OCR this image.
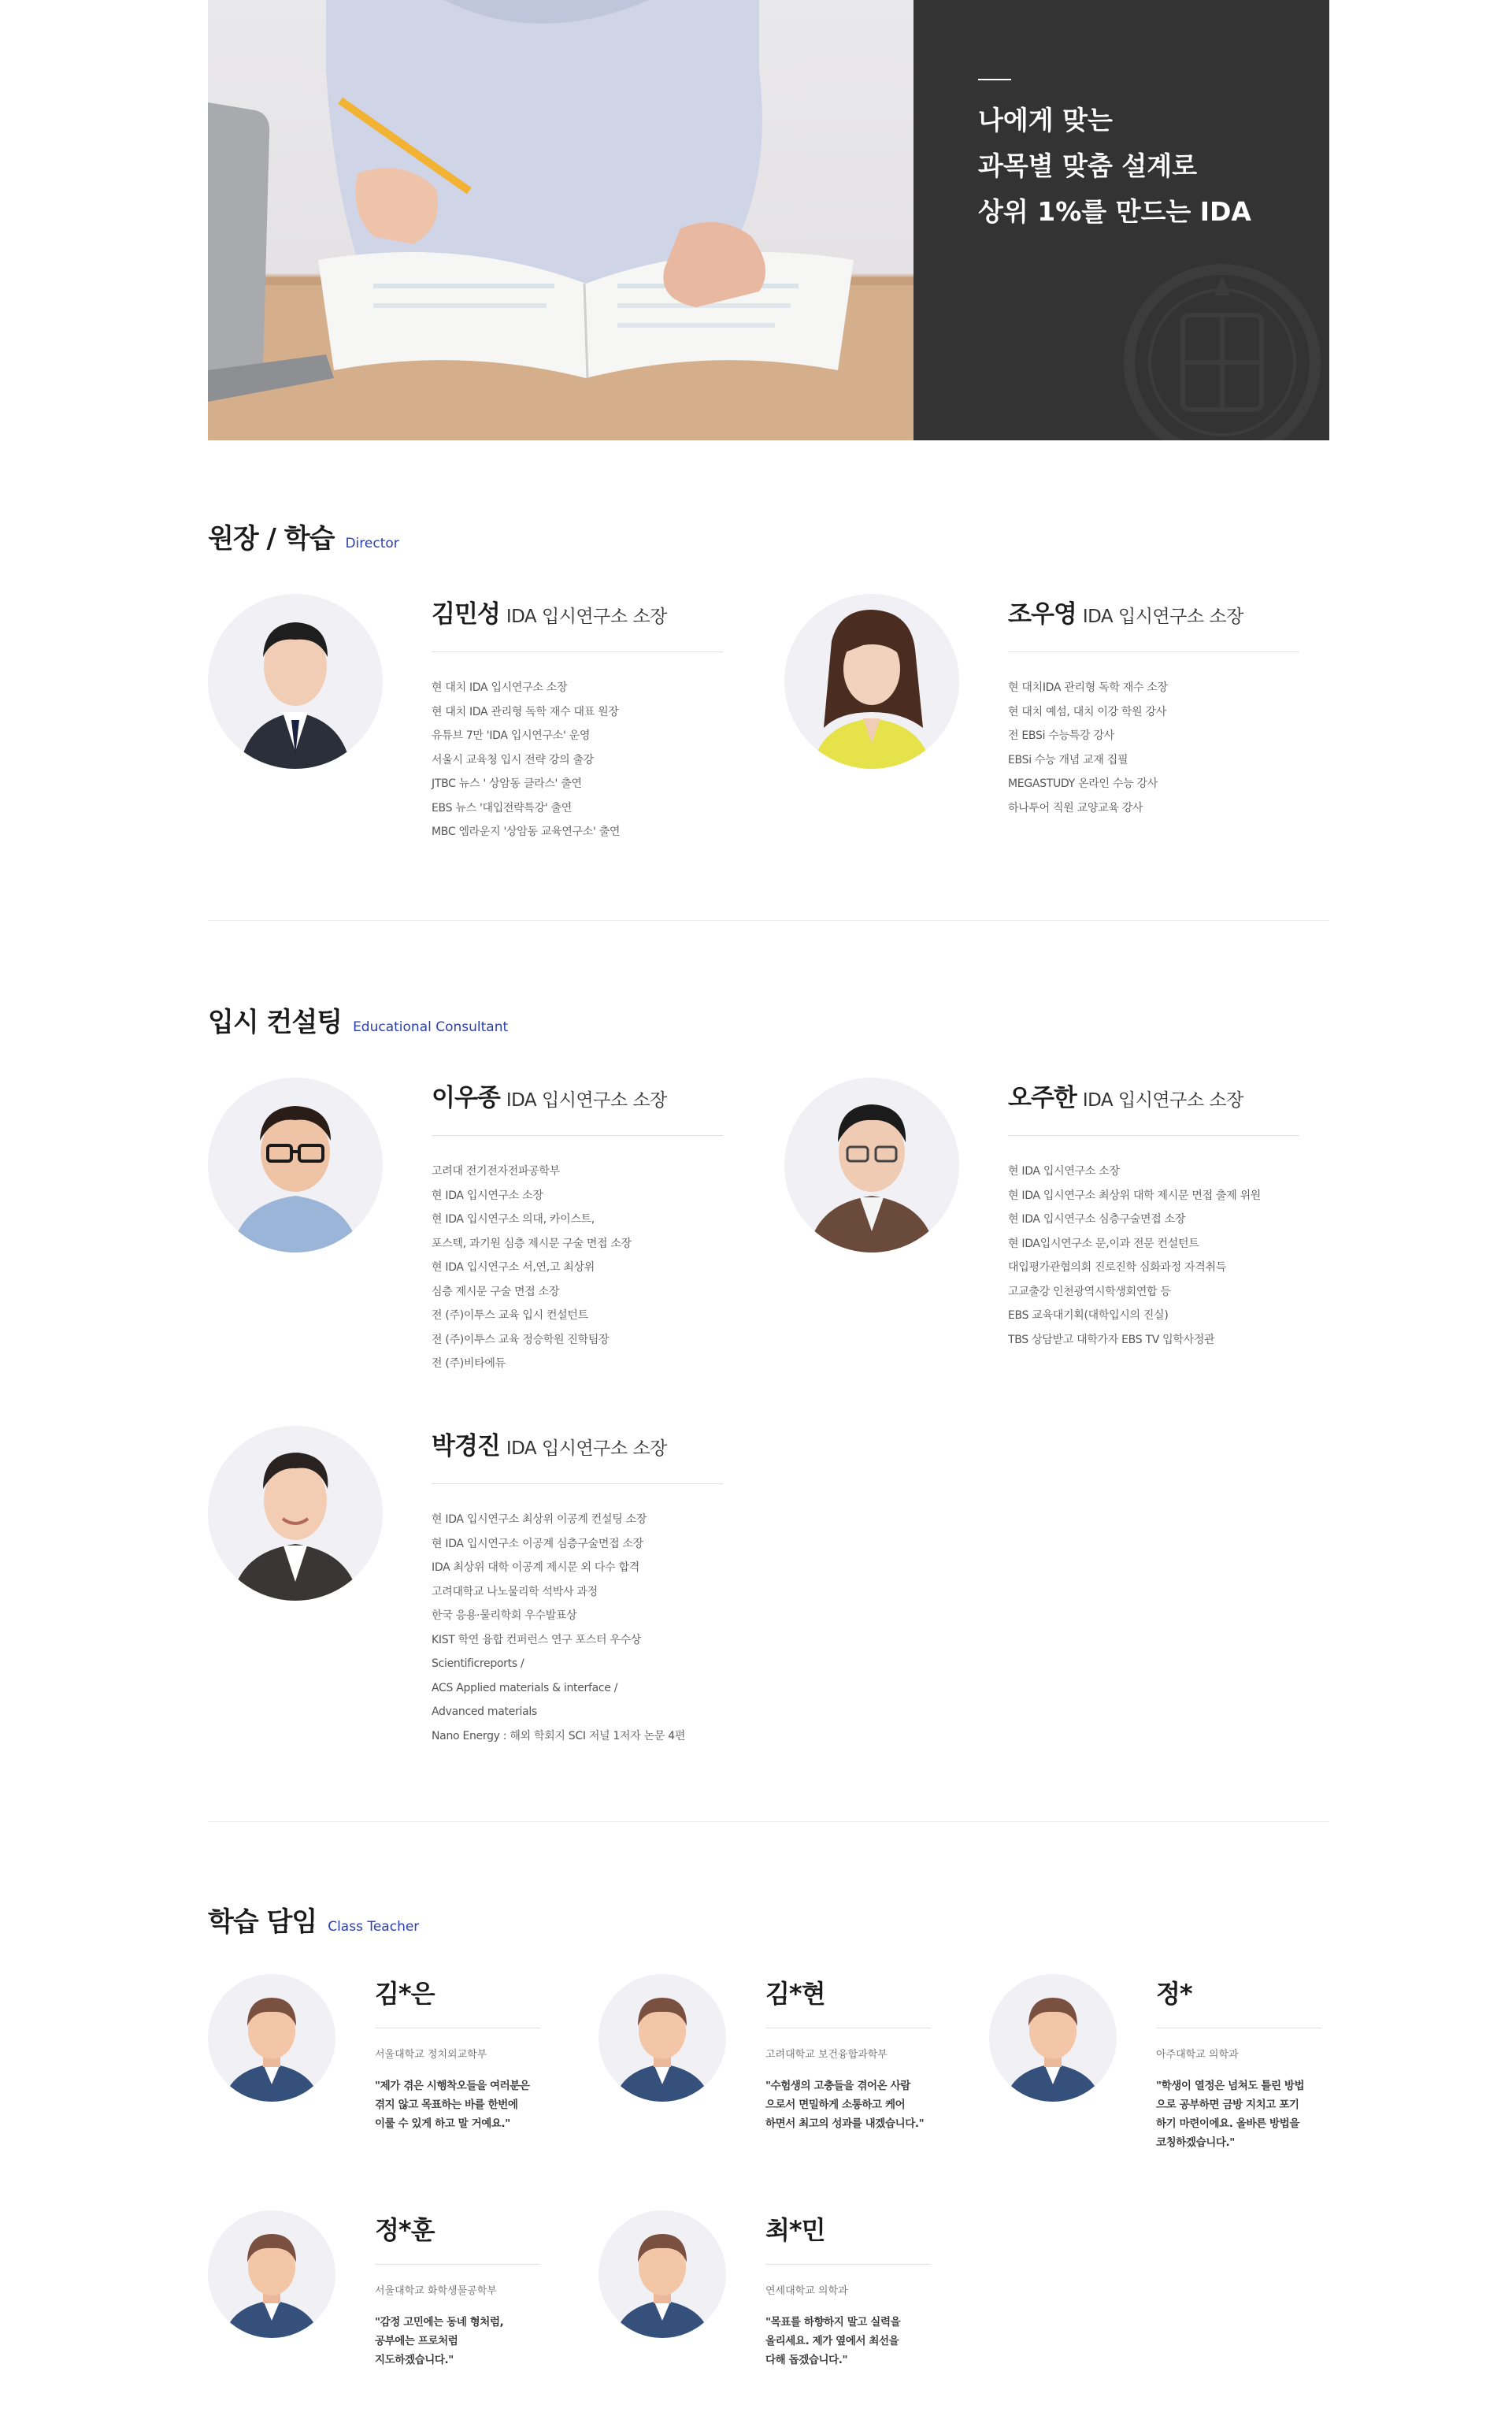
나에게 맞는
과목별 맞춤 설계로
상위 1%를 만드는 IDA
원장 / 학습 Director
김민성 IDA 입시연구소 소장
현 대치 IDA 입시연구소 소장
현 대치 IDA 관리형 독학 재수 대표 원장
유튜브 7만 'IDA 입시연구소' 운영
서울시 교육청 입시 전략 강의 출강
JTBC 뉴스 ' 상암동 클라스' 출연
EBS 뉴스 '대입전략특강' 출연
MBC 엠라운지 '상암동 교육연구소' 출연
조우영 IDA 입시연구소 소장
현 대치IDA 관리형 독학 재수 소장
현 대치 예섬, 대치 이강 학원 강사
전 EBSi 수능특강 강사
EBSi 수능 개념 교재 집필
MEGASTUDY 온라인 수능 강사
하나투어 직원 교양교육 강사
입시 컨설팅 Educational Consultant
이우종 IDA 입시연구소 소장
고려대 전기전자전파공학부
현 IDA 입시연구소 소장
현 IDA 입시연구소 의대, 카이스트,
포스텍, 과기원 심층 제시문 구술 면접 소장
현 IDA 입시연구소 서,연,고 최상위
심층 제시문 구술 면접 소장
전 (주)이투스 교육 입시 컨설턴트
전 (주)이투스 교육 정승학원 진학팀장
전 (주)비타에듀
오주한 IDA 입시연구소 소장
현 IDA 입시연구소 소장
현 IDA 입시연구소 최상위 대학 제시문 면접 출제 위원
현 IDA 입시연구소 심층구술면접 소장
현 IDA입시연구소 문,이과 전문 컨설턴트
대입평가관협의회 진로진학 심화과정 자격취득
고교출강 인천광역시학생회연합 등
EBS 교육대기획(대학입시의 진실)
TBS 상담받고 대학가자 EBS TV 입학사정관
박경진 IDA 입시연구소 소장
현 IDA 입시연구소 최상위 이공계 컨설팅 소장
현 IDA 입시연구소 이공계 심층구술면접 소장
IDA 최상위 대학 이공계 제시문 외 다수 합격
고려대학교 나노물리학 석박사 과정
한국 응용·물리학회 우수발표상
KIST 학연 융합 컨퍼런스 연구 포스터 우수상
Scientificreports /
ACS Applied materials & interface /
Advanced materials
Nano Energy : 해외 학회지 SCI 저널 1저자 논문 4편
학습 담임 Class Teacher
김*은
서울대학교 정치외교학부
"제가 겪은 시행착오들을 여러분은
겪지 않고 목표하는 바를 한번에
이룰 수 있게 하고 말 거예요."
김*현
고려대학교 보건융합과학부
"수험생의 고충들을 겪어온 사람
으로서 면밀하게 소통하고 케어
하면서 최고의 성과를 내겠습니다."
정*
아주대학교 의학과
"학생이 열정은 넘쳐도 틀린 방법
으로 공부하면 금방 지치고 포기
하기 마련이에요. 올바른 방법을
코칭하겠습니다."
정*훈
서울대학교 화학생물공학부
"감정 고민에는 동네 형처럼,
공부에는 프로처럼
지도하겠습니다."
최*민
연세대학교 의학과
"목표를 하향하지 말고 실력을
올리세요. 제가 옆에서 최선을
다해 돕겠습니다."
